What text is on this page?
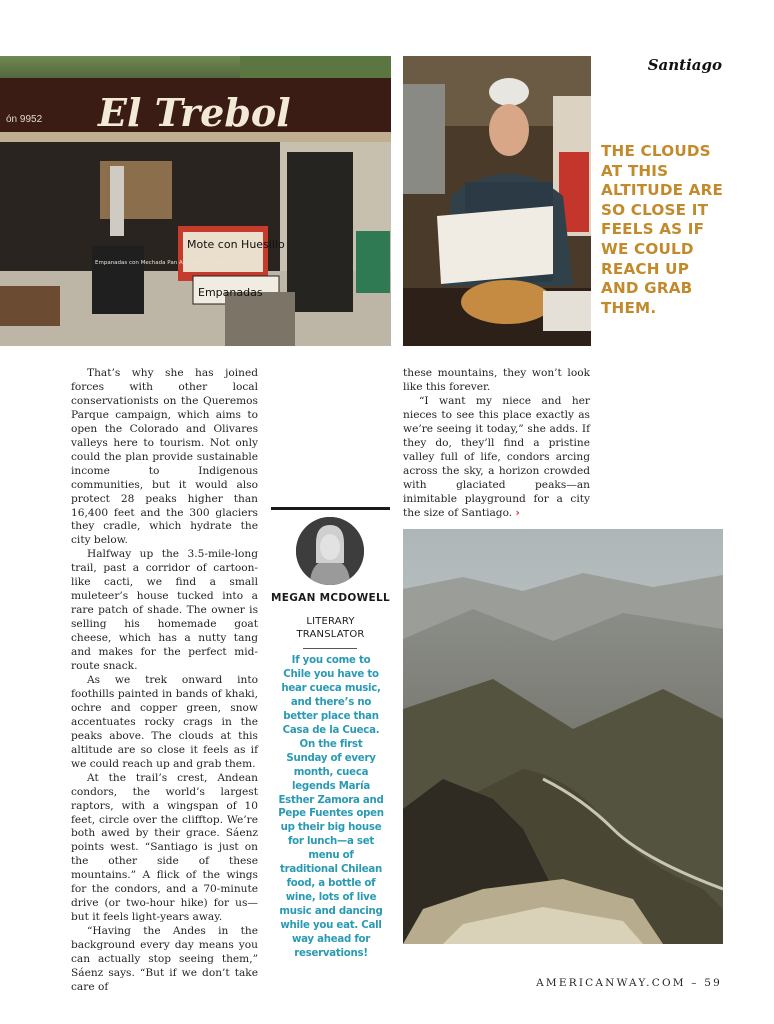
Santiago
ón 9952 El Trebol
Mote con Huesillo
Empanadas
Empanadas con Mechada Pan Amasado Tortillas
THE CLOUDS AT THIS ALTITUDE ARE SO CLOSE IT FEELS AS IF WE COULD REACH UP AND GRAB THEM.

That’s why she has joined forces with other local conservationists on the Queremos Parque campaign, which aims to open the Colorado and Olivares valleys here to tourism. Not only could the plan provide sustainable income to Indigenous communities, but it would also protect 28 peaks higher than 16,400 feet and the 300 glaciers they cradle, which hydrate the city below.

Halfway up the 3.5-mile-long trail, past a corridor of cartoon-like cacti, we find a small muleteer’s house tucked into a rare patch of shade. The owner is selling his homemade goat cheese, which has a nutty tang and makes for the perfect mid-route snack.

As we trek onward into foothills painted in bands of khaki, ochre and copper green, snow accentuates rocky crags in the peaks above. The clouds at this altitude are so close it feels as if we could reach up and grab them.

At the trail’s crest, Andean condors, the world’s largest raptors, with a wingspan of 10 feet, circle over the clifftop. We’re both awed by their grace. Sáenz points west. “Santiago is just on the other side of these mountains.” A flick of the wings for the condors, and a 70-minute drive (or two-hour hike) for us—but it feels light-years away.

“Having the Andes in the background every day means you can actually stop seeing them,” Sáenz says. “But if we don’t take care of

MEGAN MCDOWELL
LITERARY TRANSLATOR
If you come to Chile you have to hear cueca music, and there’s no better place than Casa de la Cueca. On the first Sunday of every month, cueca legends María Esther Zamora and Pepe Fuentes open up their big house for lunch—a set menu of traditional Chilean food, a bottle of wine, lots of live music and dancing while you eat. Call way ahead for reservations!

these mountains, they won’t look like this forever.

“I want my niece and her nieces to see this place exactly as we’re seeing it today,” she adds. If they do, they’ll find a pristine valley full of life, condors arcing across the sky, a horizon crowded with glaciated peaks—an inimitable playground for a city the size of Santiago. ›

AMERICANWAY.COM – 59
